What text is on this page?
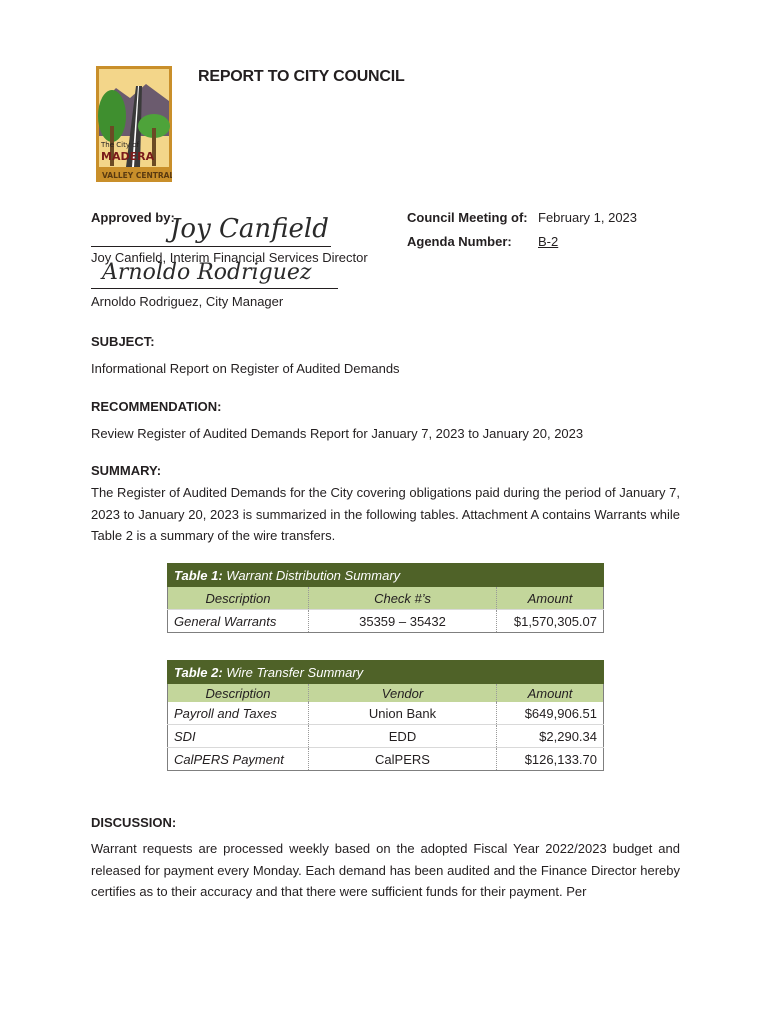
The City of
MADERA
VALLEY CENTRAL
REPORT TO CITY COUNCIL
Approved by:
Joy Canfield
Joy Canfield, Interim Financial Services Director
Arnoldo Rodriguez
Arnoldo Rodriguez, City Manager
Council Meeting of: February 1, 2023
Agenda Number: B-2
SUBJECT:
Informational Report on Register of Audited Demands
RECOMMENDATION:
Review Register of Audited Demands Report for January 7, 2023 to January 20, 2023
SUMMARY:
The Register of Audited Demands for the City covering obligations paid during the period of January 7, 2023 to January 20, 2023 is summarized in the following tables. Attachment A contains Warrants while Table 2 is a summary of the wire transfers.
Table 1: Warrant Distribution Summary		
Description	Check #’s	Amount
General Warrants	35359 – 35432	$1,570,305.07
Table 2: Wire Transfer Summary		
Description	Vendor	Amount
Payroll and Taxes	Union Bank	$649,906.51
SDI	EDD	$2,290.34
CalPERS Payment	CalPERS	$126,133.70
DISCUSSION:
Warrant requests are processed weekly based on the adopted Fiscal Year 2022/2023 budget and released for payment every Monday. Each demand has been audited and the Finance Director hereby certifies as to their accuracy and that there were sufficient funds for their payment. Per
